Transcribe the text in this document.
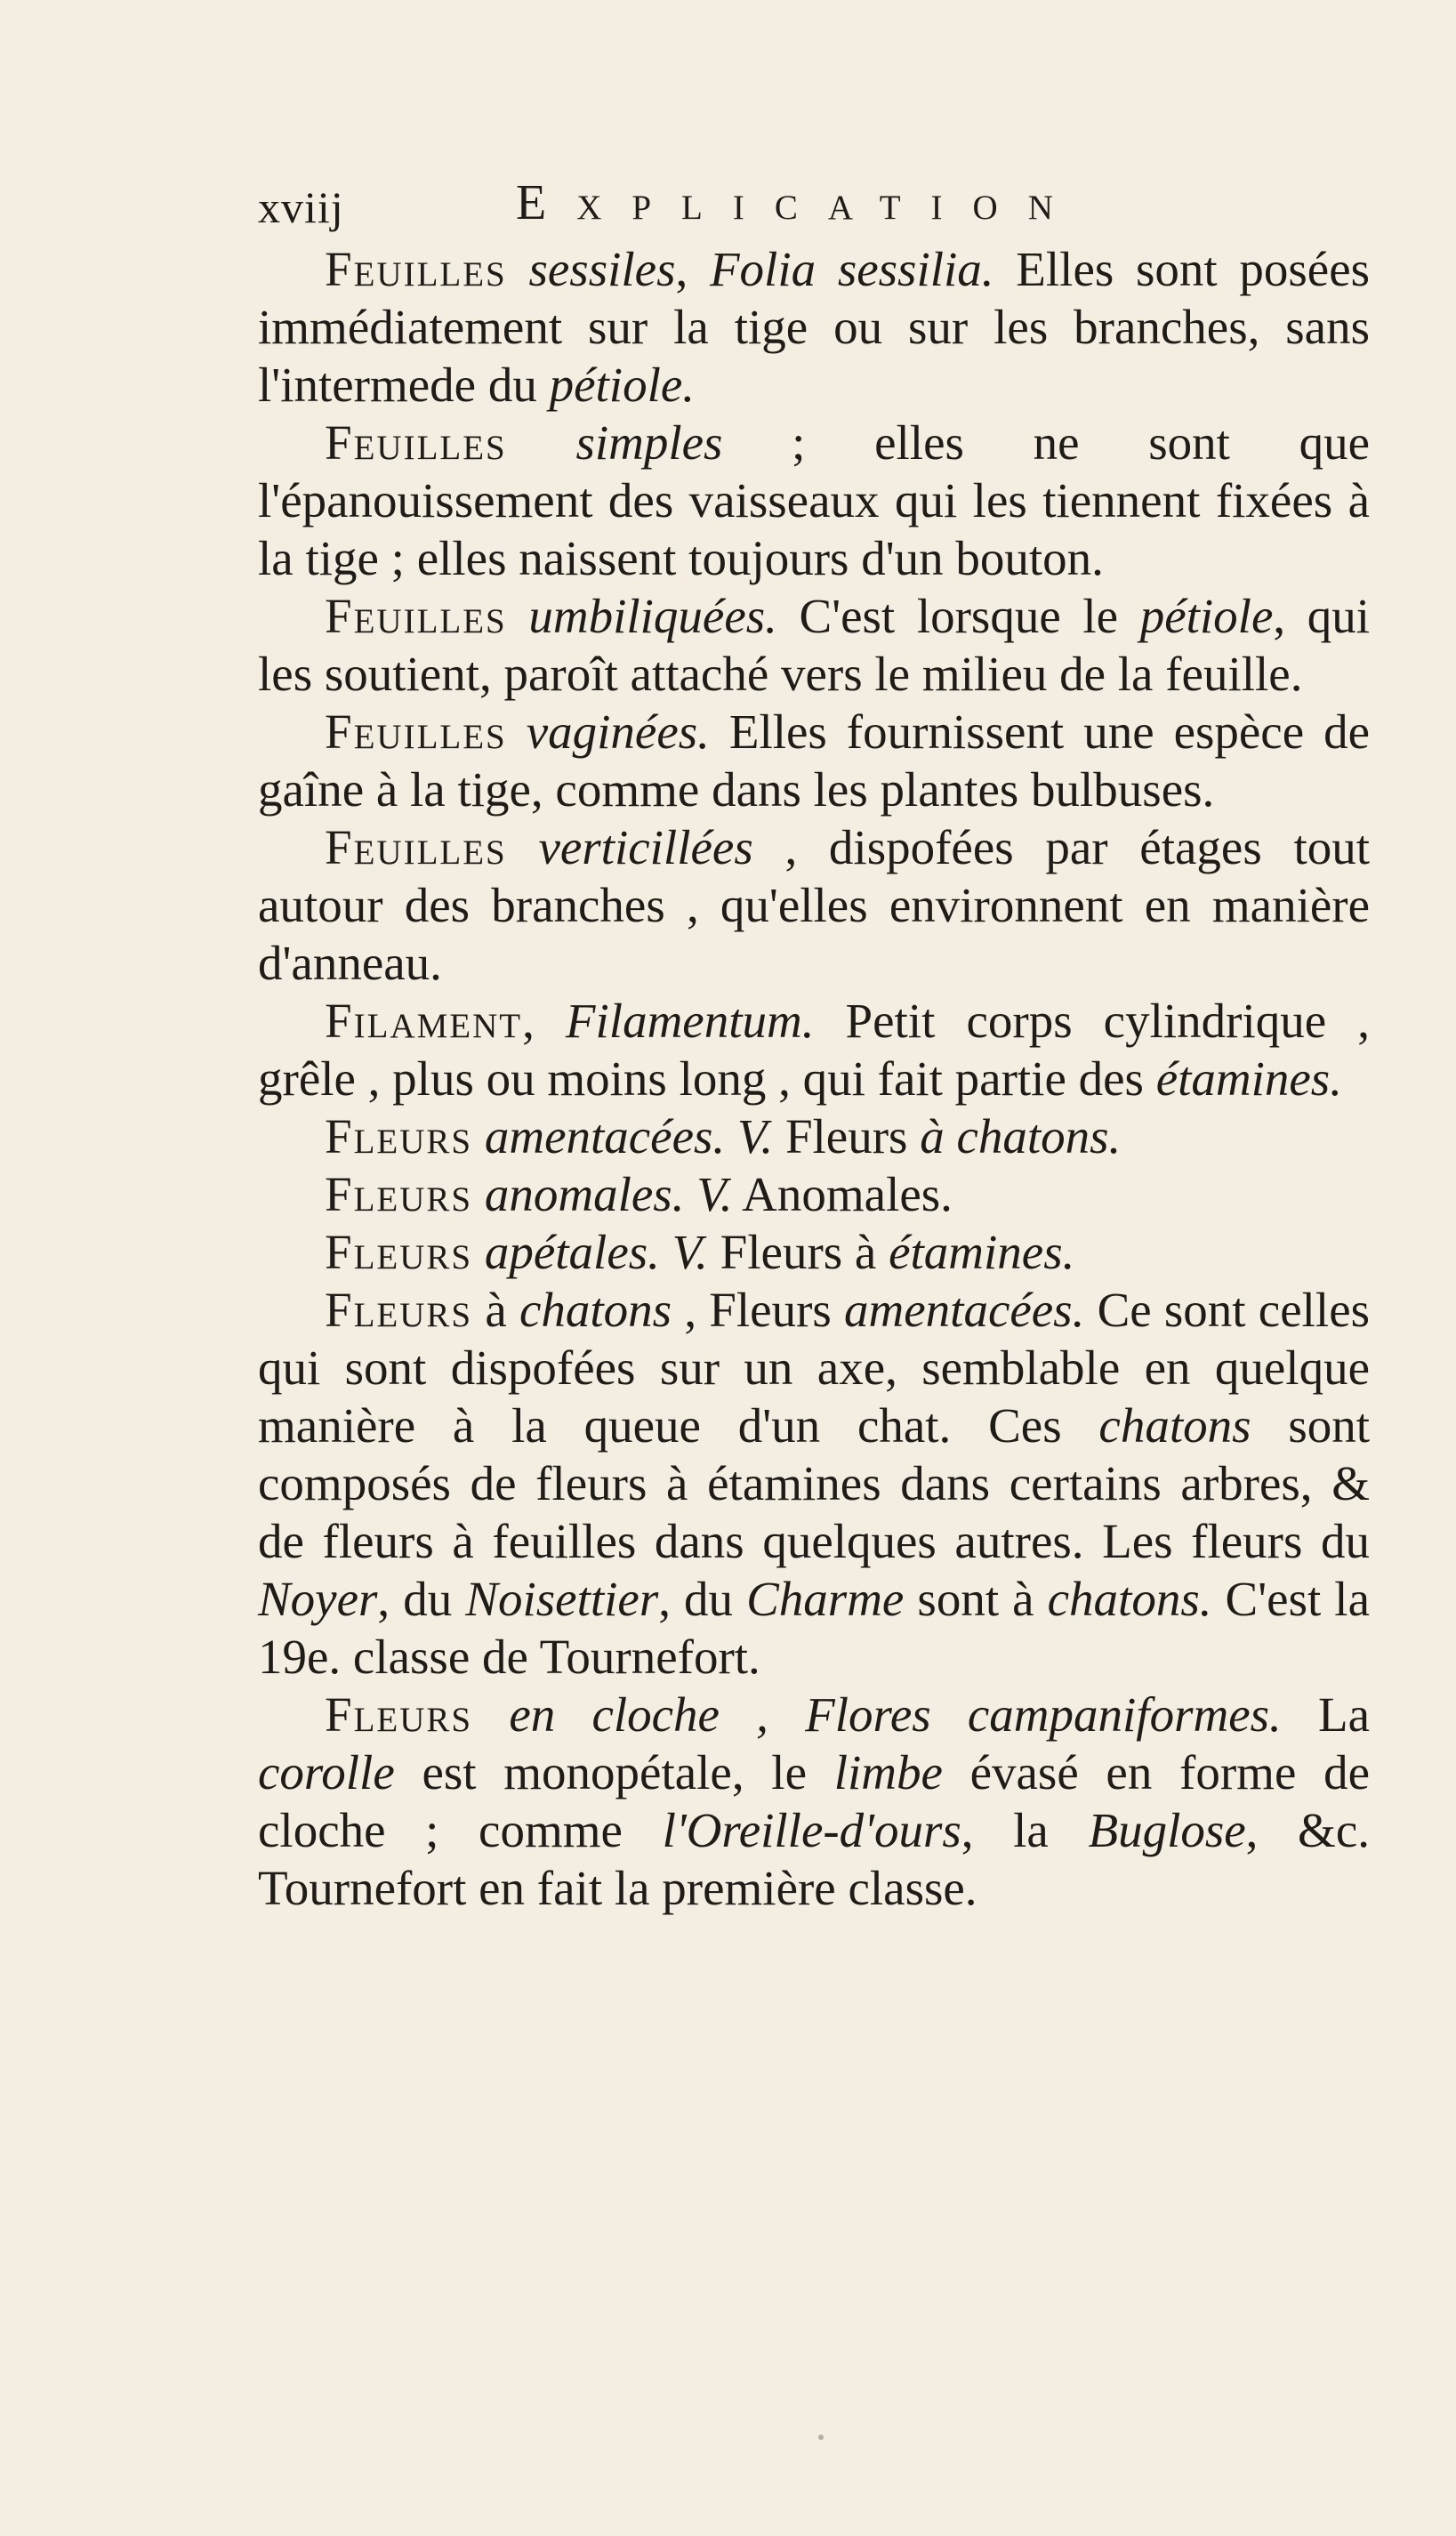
xviij	Explication

Feuilles sessiles, Folia sessilia. Elles sont posées immédiatement sur la tige ou sur les branches, sans l'intermede du pétiole.

Feuilles simples ; elles ne sont que l'épanouissement des vaisseaux qui les tiennent fixées à la tige ; elles naissent toujours d'un bouton.

Feuilles umbiliquées. C'est lorsque le pétiole, qui les soutient, paroît attaché vers le milieu de la feuille.

Feuilles vaginées. Elles fournissent une espèce de gaîne à la tige, comme dans les plantes bulbuses.

Feuilles verticillées , dispofées par étages tout autour des branches , qu'elles environnent en manière d'anneau.

Filament, Filamentum. Petit corps cylindrique , grêle , plus ou moins long , qui fait partie des étamines.

Fleurs amentacées. V. Fleurs à chatons.

Fleurs anomales. V. Anomales.

Fleurs apétales. V. Fleurs à étamines.

Fleurs à chatons , Fleurs amentacées. Ce sont celles qui sont dispofées sur un axe, semblable en quelque manière à la queue d'un chat. Ces chatons sont composés de fleurs à étamines dans certains arbres, & de fleurs à feuilles dans quelques autres. Les fleurs du Noyer, du Noisettier, du Charme sont à chatons. C'est la 19e. classe de Tournefort.

Fleurs en cloche , Flores campaniformes. La corolle est monopétale, le limbe évasé en forme de cloche ; comme l'Oreille-d'ours, la Buglose, &c. Tournefort en fait la première classe.
